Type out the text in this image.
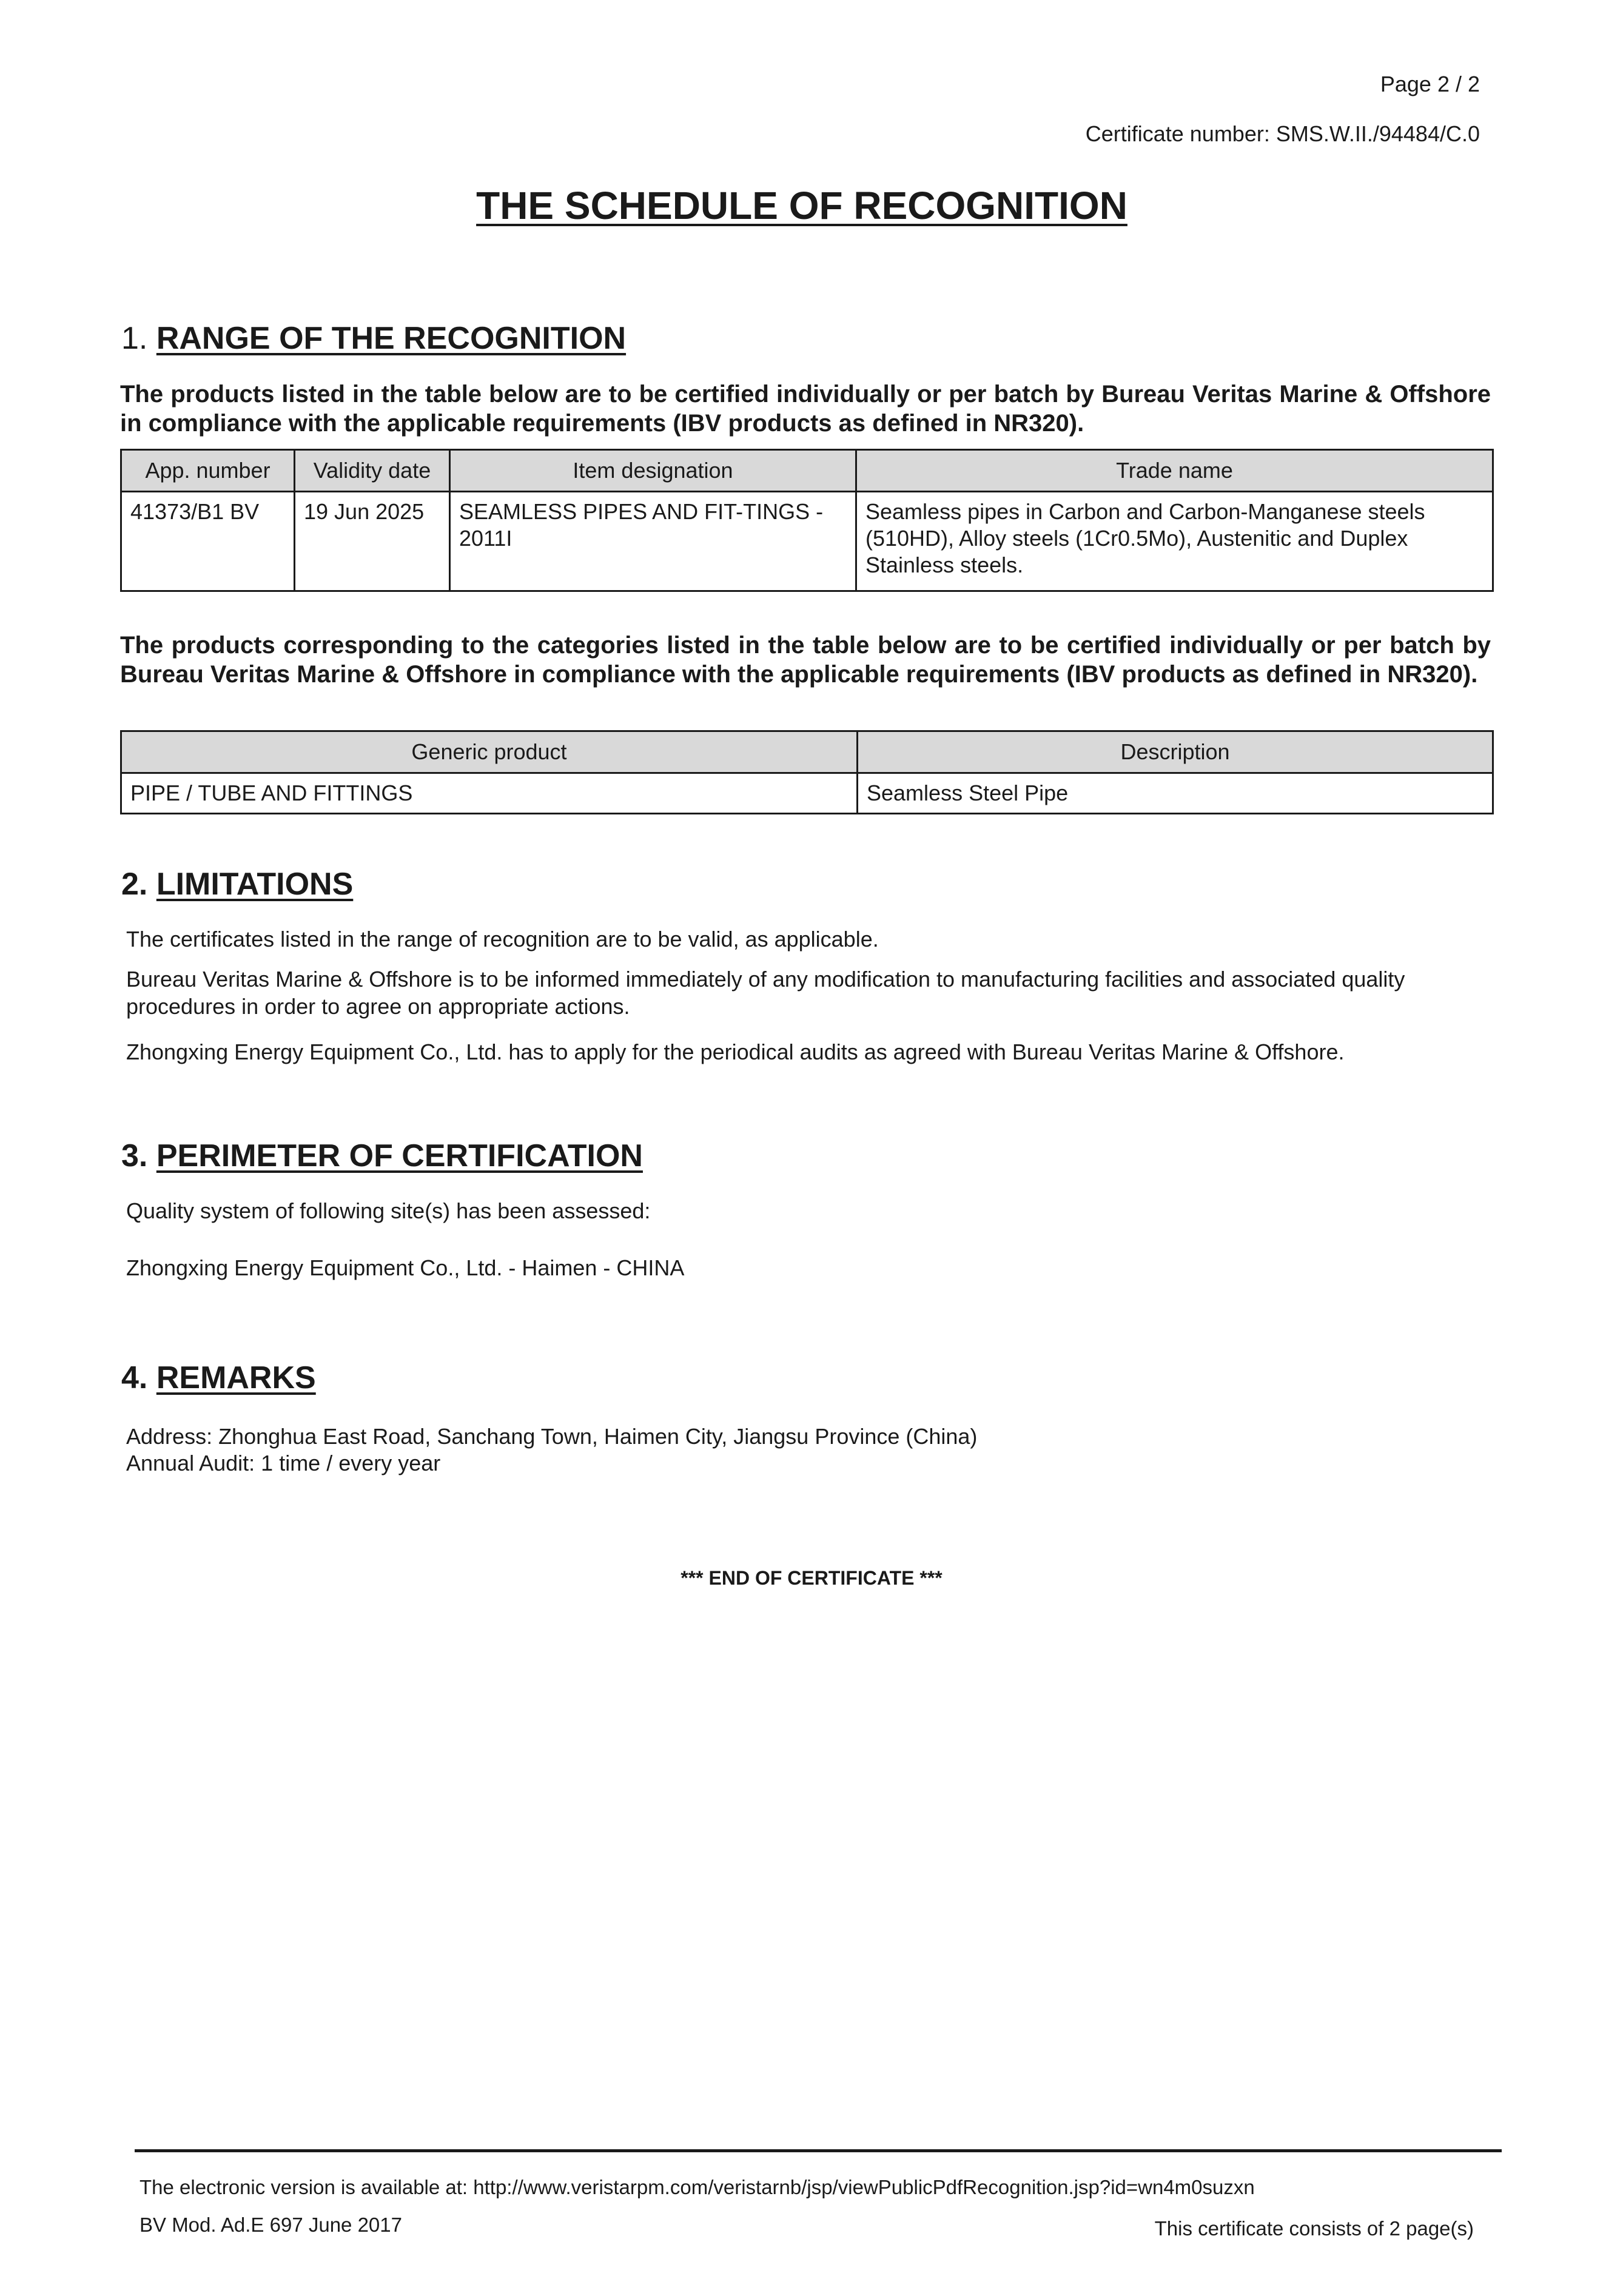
Page 2 / 2
Certificate number: SMS.W.II./94484/C.0
THE SCHEDULE OF RECOGNITION
1. RANGE OF THE RECOGNITION
The products listed in the table below are to be certified individually or per batch by Bureau Veritas Marine & Offshore in compliance with the applicable requirements (IBV products as defined in NR320).
App. number	Validity date	Item designation	Trade name
41373/B1 BV	19 Jun 2025	SEAMLESS PIPES AND FIT-TINGS - 2011I	Seamless pipes in Carbon and Carbon-Manganese steels (510HD), Alloy steels (1Cr0.5Mo), Austenitic and Duplex Stainless steels.
The products corresponding to the categories listed in the table below are to be certified individually or per batch by Bureau Veritas Marine & Offshore in compliance with the applicable requirements (IBV products as defined in NR320).
Generic product	Description
PIPE / TUBE AND FITTINGS	Seamless Steel Pipe
2. LIMITATIONS
The certificates listed in the range of recognition are to be valid, as applicable.
Bureau Veritas Marine & Offshore is to be informed immediately of any modification to manufacturing facilities and associated quality procedures in order to agree on appropriate actions.
Zhongxing Energy Equipment Co., Ltd. has to apply for the periodical audits as agreed with Bureau Veritas Marine & Offshore.
3. PERIMETER OF CERTIFICATION
Quality system of following site(s) has been assessed:
Zhongxing Energy Equipment Co., Ltd. - Haimen - CHINA
4. REMARKS
Address: Zhonghua East Road, Sanchang Town, Haimen City, Jiangsu Province (China)
Annual Audit: 1 time / every year
*** END OF CERTIFICATE ***
The electronic version is available at: http://www.veristarpm.com/veristarnb/jsp/viewPublicPdfRecognition.jsp?id=wn4m0suzxn
BV Mod. Ad.E 697 June 2017	This certificate consists of 2 page(s)
